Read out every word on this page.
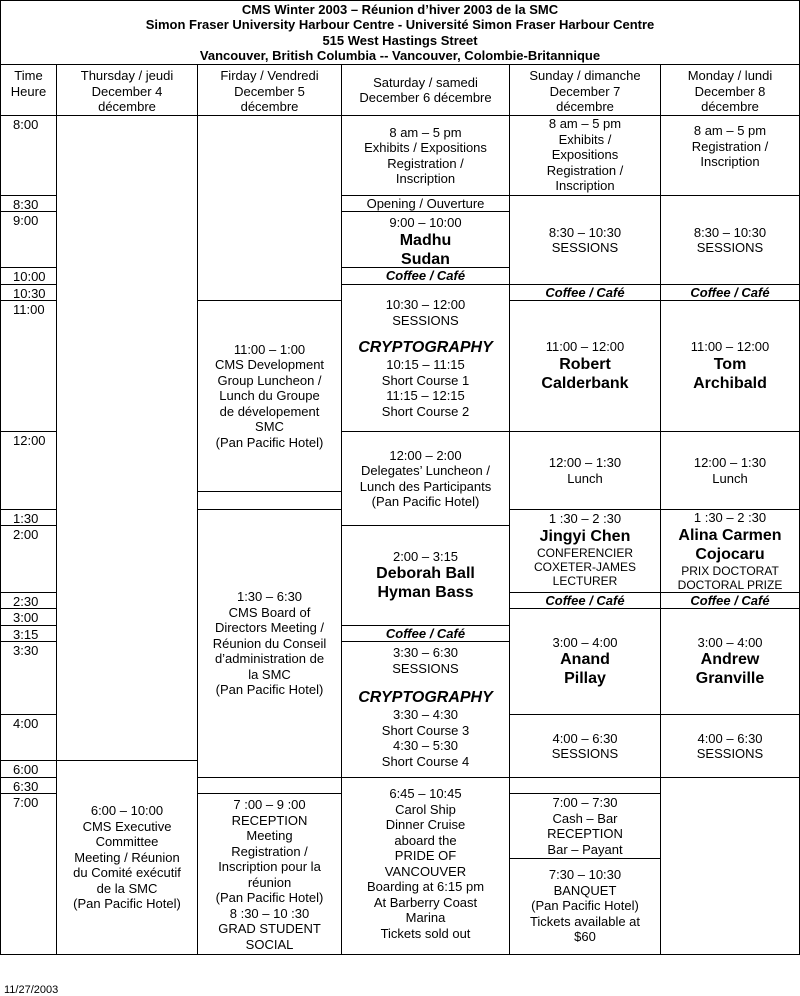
CMS Winter 2003 – Réunion d’hiver 2003 de la SMC
Simon Fraser University Harbour Centre - Université Simon Fraser Harbour Centre
515 West Hastings Street
Vancouver, British Columbia -- Vancouver, Colombie-Britannique
Time
Heure
Thursday / jeudi
December 4
décembre
Firday / Vendredi
December 5
décembre
Saturday / samedi
December 6 décembre
Sunday / dimanche
December 7
décembre
Monday / lundi
December 8
décembre
8:00
8:30
9:00
10:00
10:30
11:00
12:00
1:30
2:00
2:30
3:00
3:15
3:30
4:00
6:00
6:30
7:00
6:00 – 10:00
CMS Executive
Committee
Meeting / Réunion
du Comité exécutif
de la SMC
(Pan Pacific Hotel)
11:00 – 1:00
CMS Development
Group Luncheon /
Lunch du Groupe
de dévelopement
SMC
(Pan Pacific Hotel)
1:30 – 6:30
CMS Board of
Directors Meeting /
Réunion du Conseil
d’administration de
la SMC
(Pan Pacific Hotel)
7 :00 – 9 :00
RECEPTION
Meeting
Registration /
Inscription pour la
réunion
(Pan Pacific Hotel)
8 :30 – 10 :30
GRAD STUDENT
SOCIAL
8 am – 5 pm
Exhibits / Expositions
Registration /
Inscription
Opening / Ouverture
9:00 – 10:00
Madhu
Sudan
Coffee / Café
10:30 – 12:00
SESSIONS
CRYPTOGRAPHY
10:15 – 11:15
Short Course 1
11:15 – 12:15
Short Course 2
12:00 – 2:00
Delegates’ Luncheon /
Lunch des Participants
(Pan Pacific Hotel)
2:00 – 3:15
Deborah Ball
Hyman Bass
Coffee / Café
3:30 – 6:30
SESSIONS
CRYPTOGRAPHY
3:30 – 4:30
Short Course 3
4:30 – 5:30
Short Course 4
6:45 – 10:45
Carol Ship
Dinner Cruise
aboard the
PRIDE OF
VANCOUVER
Boarding at 6:15 pm
At Barberry Coast
Marina
Tickets sold out
8 am – 5 pm
Exhibits /
Expositions
Registration /
Inscription
8:30 – 10:30
SESSIONS
Coffee / Café
11:00 – 12:00
Robert
Calderbank
12:00 – 1:30
Lunch
1 :30 – 2 :30
Jingyi Chen
CONFERENCIER
COXETER-JAMES
LECTURER
Coffee / Café
3:00 – 4:00
Anand
Pillay
4:00 – 6:30
SESSIONS
7:00 – 7:30
Cash – Bar
RECEPTION
Bar – Payant
7:30 – 10:30
BANQUET
(Pan Pacific Hotel)
Tickets available at
$60
8 am – 5 pm
Registration /
Inscription
8:30 – 10:30
SESSIONS
Coffee / Café
11:00 – 12:00
Tom
Archibald
12:00 – 1:30
Lunch
1 :30 – 2 :30
Alina Carmen
Cojocaru
PRIX DOCTORAT
DOCTORAL PRIZE
Coffee / Café
3:00 – 4:00
Andrew
Granville
4:00 – 6:30
SESSIONS
11/27/2003
